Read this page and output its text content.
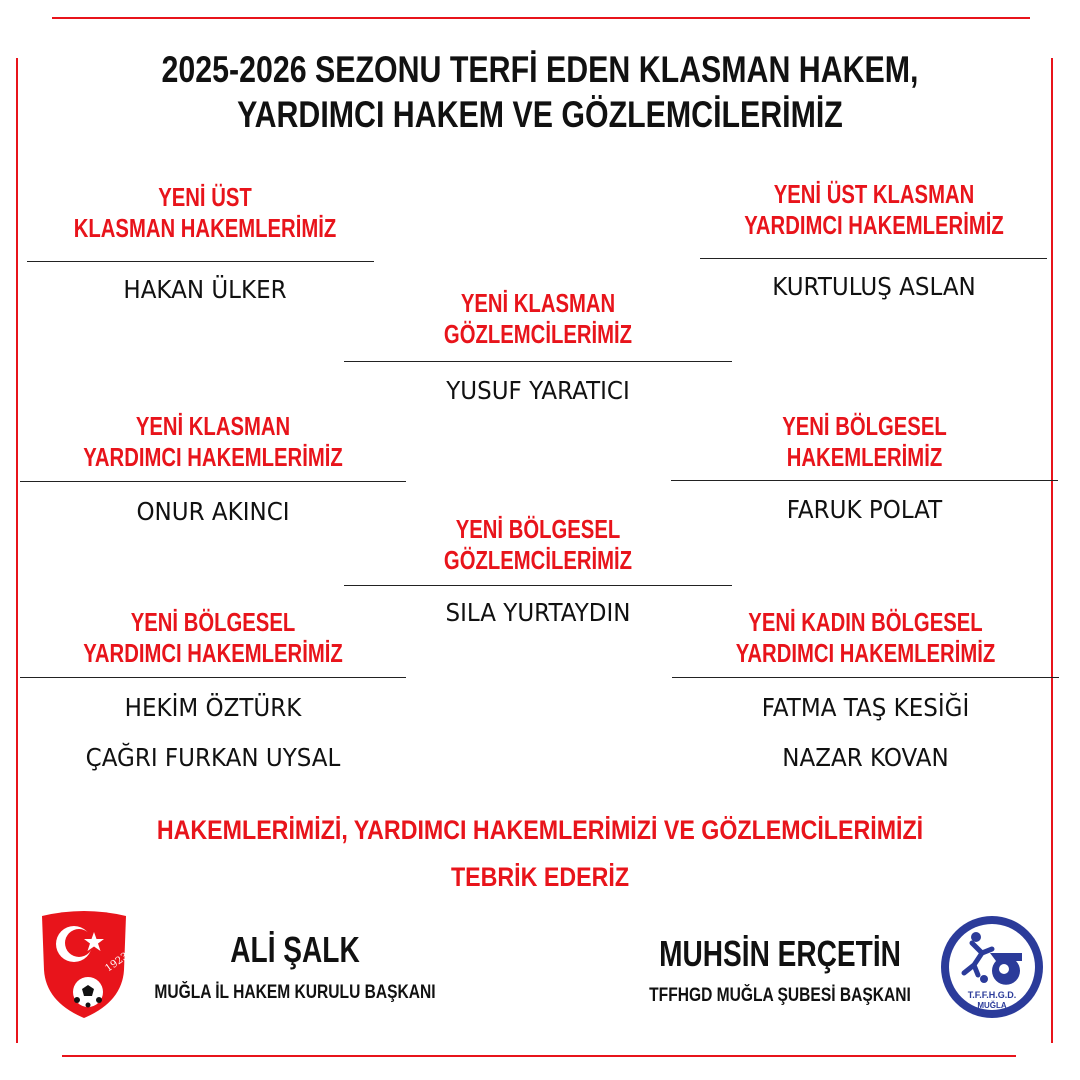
2025-2026 SEZONU TERFİ EDEN KLASMAN HAKEM,
YARDIMCI HAKEM VE GÖZLEMCİLERİMİZ
YENİ ÜST
KLASMAN HAKEMLERİMİZ
HAKAN ÜLKER
YENİ ÜST KLASMAN
YARDIMCI HAKEMLERİMİZ
KURTULUŞ ASLAN
YENİ KLASMAN
GÖZLEMCİLERİMİZ
YUSUF YARATICI
YENİ KLASMAN
YARDIMCI HAKEMLERİMİZ
ONUR AKINCI
YENİ BÖLGESEL
HAKEMLERİMİZ
FARUK POLAT
YENİ BÖLGESEL
GÖZLEMCİLERİMİZ
SILA YURTAYDIN
YENİ BÖLGESEL
YARDIMCI HAKEMLERİMİZ
HEKİM ÖZTÜRK
ÇAĞRI FURKAN UYSAL
YENİ KADIN BÖLGESEL
YARDIMCI HAKEMLERİMİZ
FATMA TAŞ KESİĞİ
NAZAR KOVAN
HAKEMLERİMİZİ, YARDIMCI HAKEMLERİMİZİ VE GÖZLEMCİLERİMİZİ
TEBRİK EDERİZ
1923	ALİ ŞALK
MUĞLA İL HAKEM KURULU BAŞKANI
MUHSİN ERÇETİN
TFFHGD MUĞLA ŞUBESİ BAŞKANI	T.F.F.H.G.D.
MUĞLA
